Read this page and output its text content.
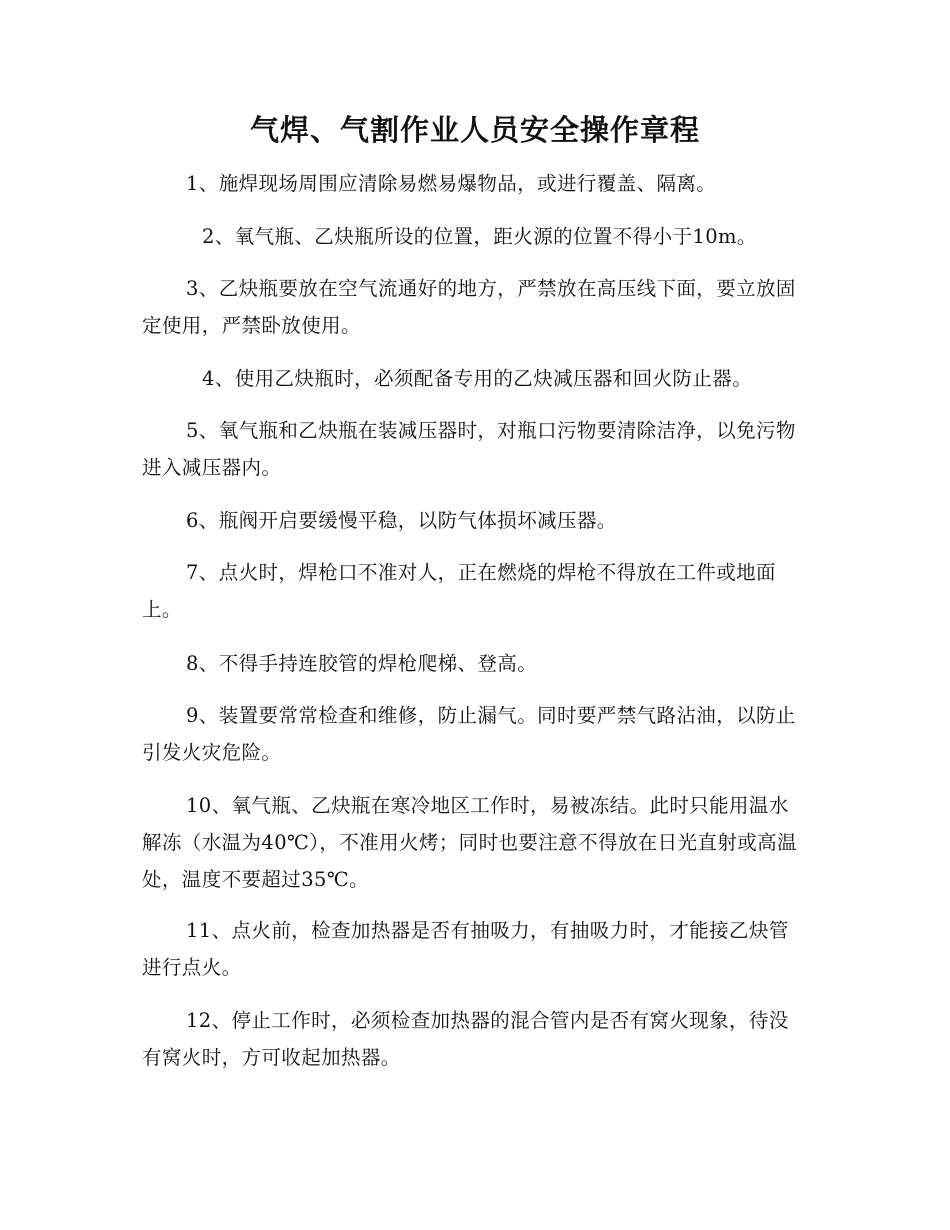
气焊、气割作业人员安全操作章程

1、施焊现场周围应清除易燃易爆物品，或进行覆盖、隔离。

2、氧气瓶、乙炔瓶所设的位置，距火源的位置不得小于10m。

3、乙炔瓶要放在空气流通好的地方，严禁放在高压线下面，要立放固定使用，严禁卧放使用。

4、使用乙炔瓶时，必须配备专用的乙炔减压器和回火防止器。

5、氧气瓶和乙炔瓶在装减压器时，对瓶口污物要清除洁净，以免污物进入减压器内。

6、瓶阀开启要缓慢平稳，以防气体损坏减压器。

7、点火时，焊枪口不准对人，正在燃烧的焊枪不得放在工件或地面上。

8、不得手持连胶管的焊枪爬梯、登高。

9、装置要常常检查和维修，防止漏气。同时要严禁气路沾油，以防止引发火灾危险。

10、氧气瓶、乙炔瓶在寒冷地区工作时，易被冻结。此时只能用温水解冻（水温为40℃），不准用火烤；同时也要注意不得放在日光直射或高温处，温度不要超过35℃。

11、点火前，检查加热器是否有抽吸力，有抽吸力时，才能接乙炔管进行点火。

12、停止工作时，必须检查加热器的混合管内是否有窝火现象，待没有窝火时，方可收起加热器。
